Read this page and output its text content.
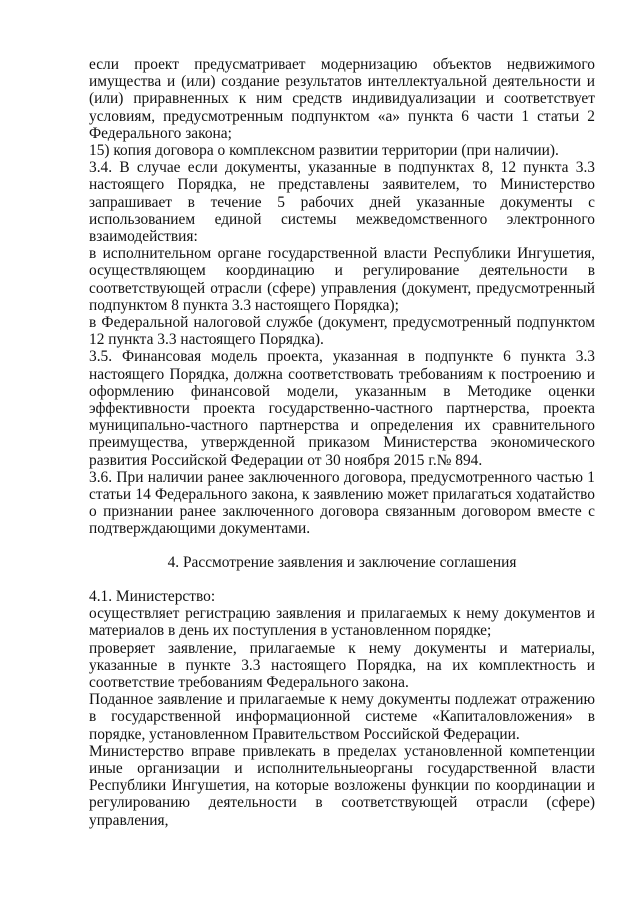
если проект предусматривает модернизацию объектов недвижимого имущества и (или) создание результатов интеллектуальной деятельности и (или) приравненных к ним средств индивидуализации и соответствует условиям, предусмотренным подпунктом «а» пункта 6 части 1 статьи 2 Федерального закона;

15) копия договора о комплексном развитии территории (при наличии).

3.4. В случае если документы, указанные в подпунктах 8, 12 пункта 3.3 настоящего Порядка, не представлены заявителем, то Министерство запрашивает в течение 5 рабочих дней указанные документы с использованием единой системы межведомственного электронного взаимодействия:

в исполнительном органе государственной власти Республики Ингушетия, осуществляющем координацию и регулирование деятельности в соответствующей отрасли (сфере) управления (документ, предусмотренный подпунктом 8 пункта 3.3 настоящего Порядка);

в Федеральной налоговой службе (документ, предусмотренный подпунктом 12 пункта 3.3 настоящего Порядка).

3.5. Финансовая модель проекта, указанная в подпункте 6 пункта 3.3 настоящего Порядка, должна соответствовать требованиям к построению и оформлению финансовой модели, указанным в Методике оценки эффективности проекта государственно-частного партнерства, проекта муниципально-частного партнерства и определения их сравнительного преимущества, утвержденной приказом Министерства экономического развития Российской Федерации от 30 ноября 2015 г.№ 894.

3.6. При наличии ранее заключенного договора, предусмотренного частью 1 статьи 14 Федерального закона, к заявлению может прилагаться ходатайство о признании ранее заключенного договора связанным договором вместе с подтверждающими документами.

4. Рассмотрение заявления и заключение соглашения

4.1. Министерство:

осуществляет регистрацию заявления и прилагаемых к нему документов и материалов в день их поступления в установленном порядке;

проверяет заявление, прилагаемые к нему документы и материалы, указанные в пункте 3.3 настоящего Порядка, на их комплектность и соответствие требованиям Федерального закона.

Поданное заявление и прилагаемые к нему документы подлежат отражению в государственной информационной системе «Капиталовложения» в порядке, установленном Правительством Российской Федерации.

Министерство вправе привлекать в пределах установленной компетенции иные организации и исполнительныеорганы государственной власти Республики Ингушетия, на которые возложены функции по координации и регулированию деятельности в соответствующей отрасли (сфере) управления,
